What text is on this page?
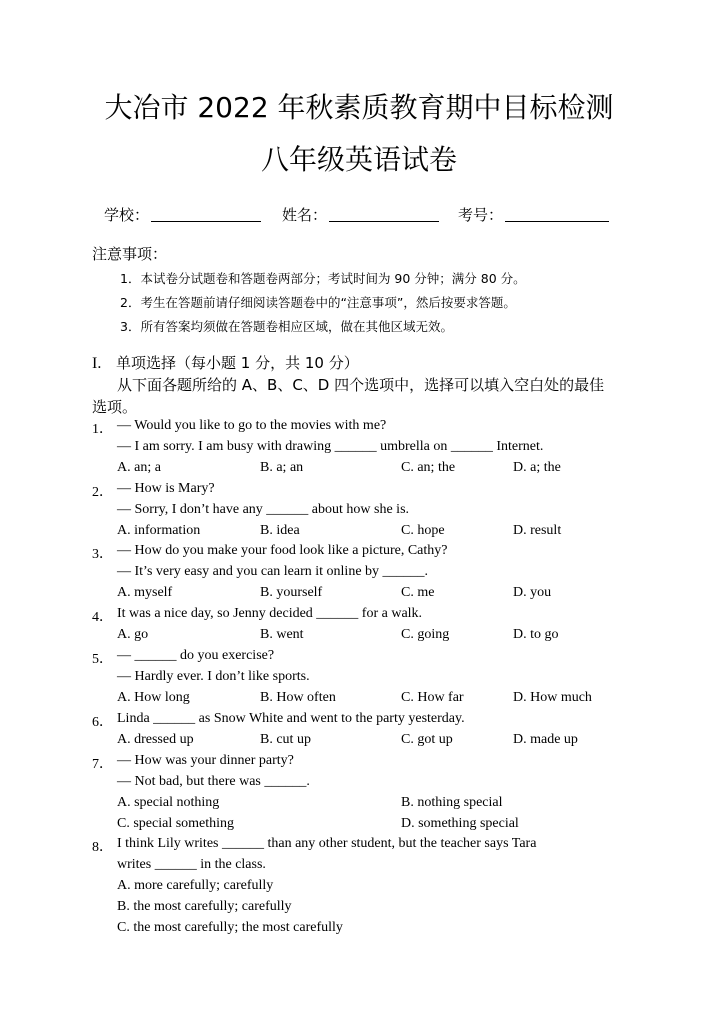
大冶市 2022 年秋素质教育期中目标检测
八年级英语试卷
学校：	姓名：	考号：
注意事项：
1．本试卷分试题卷和答题卷两部分；考试时间为 90 分钟；满分 80 分。
2．考生在答题前请仔细阅读答题卷中的“注意事项”，然后按要求答题。
3．所有答案均须做在答题卷相应区域，做在其他区域无效。
I. 单项选择（每小题 1 分，共 10 分）
从下面各题所给的 A、B、C、D 四个选项中，选择可以填入空白处的最佳
选项。
1． — Would you like to go to the movies with me?
— I am sorry. I am busy with drawing ______ umbrella on ______ Internet.
A. an; a	B. a; an	C. an; the	D. a; the
2． — How is Mary?
— Sorry, I don’t have any ______ about how she is.
A. information	B. idea	C. hope	D. result
3． — How do you make your food look like a picture, Cathy?
— It’s very easy and you can learn it online by ______.
A. myself	B. yourself	C. me	D. you
4． It was a nice day, so Jenny decided ______ for a walk.
A. go	B. went	C. going	D. to go
5． — ______ do you exercise?
— Hardly ever. I don’t like sports.
A. How long	B. How often	C. How far	D. How much
6． Linda ______ as Snow White and went to the party yesterday.
A. dressed up	B. cut up	C. got up	D. made up
7． — How was your dinner party?
— Not bad, but there was ______.
A. special nothing	B. nothing special
C. special something	D. something special
8． I think Lily writes ______ than any other student, but the teacher says Tara
writes ______ in the class.
A. more carefully; carefully
B. the most carefully; carefully
C. the most carefully; the most carefully
